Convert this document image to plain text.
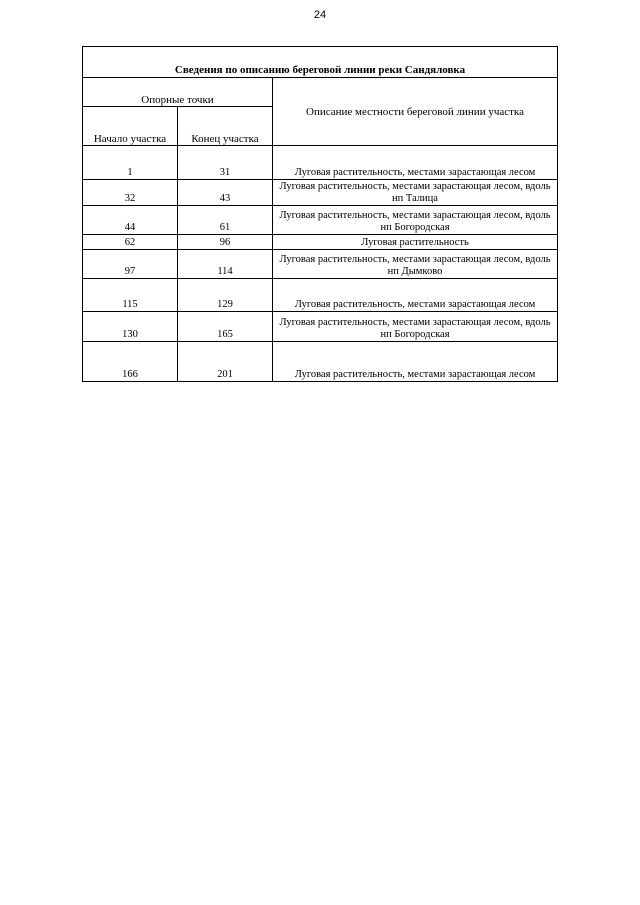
24
Сведения по описанию береговой линии реки Сандяловка		
Опорные точки		Описание местности береговой линии участка
Начало участка	Конец участка	
1	31	Луговая растительность, местами зарастающая лесом
32	43	Луговая растительность, местами зарастающая лесом, вдоль нп Талица
44	61	Луговая растительность, местами зарастающая лесом, вдоль нп Богородская
62	96	Луговая растительность
97	114	Луговая растительность, местами зарастающая лесом, вдоль нп Дымково
115	129	Луговая растительность, местами зарастающая лесом
130	165	Луговая растительность, местами зарастающая лесом, вдоль нп Богородская
166	201	Луговая растительность, местами зарастающая лесом
